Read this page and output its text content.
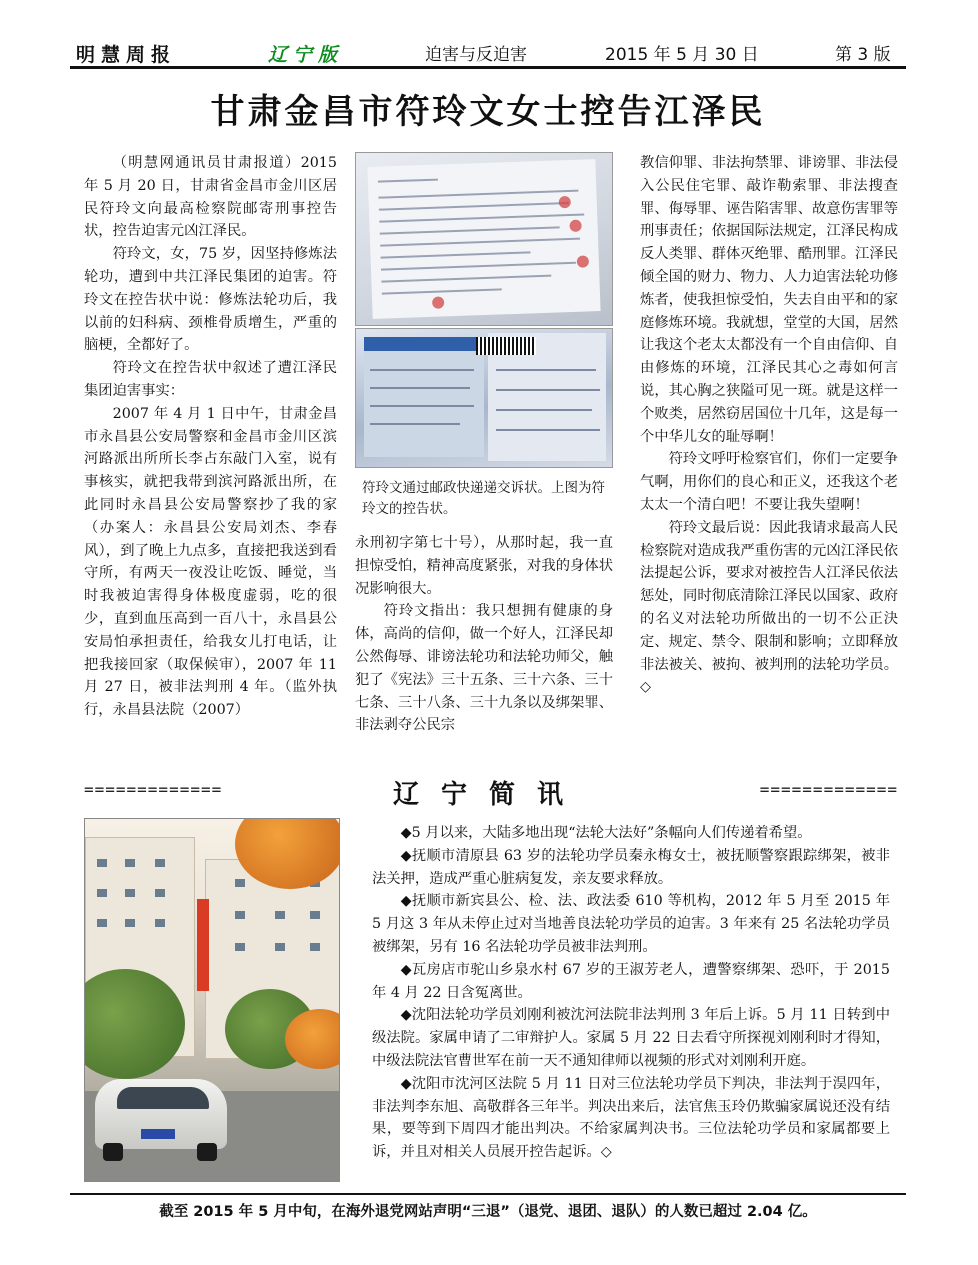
明慧周报	辽宁版	迫害与反迫害	2015 年 5 月 30 日	第 3 版
甘肃金昌市符玲文女士控告江泽民

（明慧网通讯员甘肃报道）2015 年 5 月 20 日，甘肃省金昌市金川区居民符玲文向最高检察院邮寄刑事控告状，控告迫害元凶江泽民。

符玲文，女，75 岁，因坚持修炼法轮功，遭到中共江泽民集团的迫害。符玲文在控告状中说：修炼法轮功后，我以前的妇科病、颈椎骨质增生，严重的脑梗，全都好了。

符玲文在控告状中叙述了遭江泽民集团迫害事实：

2007 年 4 月 1 日中午，甘肃金昌市永昌县公安局警察和金昌市金川区滨河路派出所所长李占东敲门入室，说有事核实，就把我带到滨河路派出所，在此同时永昌县公安局警察抄了我的家（办案人：永昌县公安局刘杰、李春风），到了晚上九点多，直接把我送到看守所，有两天一夜没让吃饭、睡觉，当时我被迫害得身体极度虚弱，吃的很少，直到血压高到一百八十，永昌县公安局怕承担责任，给我女儿打电话，让把我接回家（取保候审），2007 年 11 月 27 日，被非法判刑 4 年。（监外执行，永昌县法院（2007）

符玲文通过邮政快递递交诉状。上图为符玲文的控告状。

永刑初字第七十号），从那时起，我一直担惊受怕，精神高度紧张，对我的身体状况影响很大。

符玲文指出：我只想拥有健康的身体，高尚的信仰，做一个好人，江泽民却公然侮辱、诽谤法轮功和法轮功师父，触犯了《宪法》三十五条、三十六条、三十七条、三十八条、三十九条以及绑架罪、非法剥夺公民宗

教信仰罪、非法拘禁罪、诽谤罪、非法侵入公民住宅罪、敲诈勒索罪、非法搜查罪、侮辱罪、诬告陷害罪、故意伤害罪等刑事责任；依据国际法规定，江泽民构成反人类罪、群体灭绝罪、酷刑罪。江泽民倾全国的财力、物力、人力迫害法轮功修炼者，使我担惊受怕，失去自由平和的家庭修炼环境。我就想，堂堂的大国，居然让我这个老太太都没有一个自由信仰、自由修炼的环境，江泽民其心之毒如何言说，其心胸之狭隘可见一斑。就是这样一个败类，居然窃居国位十几年，这是每一个中华儿女的耻辱啊！

符玲文呼吁检察官们，你们一定要争气啊，用你们的良心和正义，还我这个老太太一个清白吧！不要让我失望啊！

符玲文最后说：因此我请求最高人民检察院对造成我严重伤害的元凶江泽民依法提起公诉，要求对被控告人江泽民依法惩处，同时彻底清除江泽民以国家、政府的名义对法轮功所做出的一切不公正決定、规定、禁令、限制和影响；立即释放非法被关、被拘、被判刑的法轮功学员。◇

=============	辽宁简讯	=============

◆5 月以来，大陆多地出现“法轮大法好”条幅向人们传递着希望。

◆抚顺市清原县 63 岁的法轮功学员秦永梅女士，被抚顺警察跟踪绑架，被非法关押，造成严重心脏病复发，亲友要求释放。

◆抚顺市新宾县公、检、法、政法委 610 等机构，2012 年 5 月至 2015 年 5 月这 3 年从未停止过对当地善良法轮功学员的迫害。3 年来有 25 名法轮功学员被绑架，另有 16 名法轮功学员被非法判刑。

◆瓦房店市驼山乡泉水村 67 岁的王淑芳老人，遭警察绑架、恐吓，于 2015 年 4 月 22 日含冤离世。

◆沈阳法轮功学员刘刚利被沈河法院非法判刑 3 年后上诉。5 月 11 日转到中级法院。家属申请了二审辩护人。家属 5 月 22 日去看守所探视刘刚利时才得知，中级法院法官曹世军在前一天不通知律师以视频的形式对刘刚利开庭。

◆沈阳市沈河区法院 5 月 11 日对三位法轮功学员下判决，非法判于淏四年，非法判李东旭、高敬群各三年半。判决出来后，法官焦玉玲仍欺骗家属说还没有结果，要等到下周四才能出判决。不给家属判决书。三位法轮功学员和家属都要上诉，并且对相关人员展开控告起诉。◇

截至 2015 年 5 月中旬，在海外退党网站声明“三退”（退党、退团、退队）的人数已超过 2.04 亿。
